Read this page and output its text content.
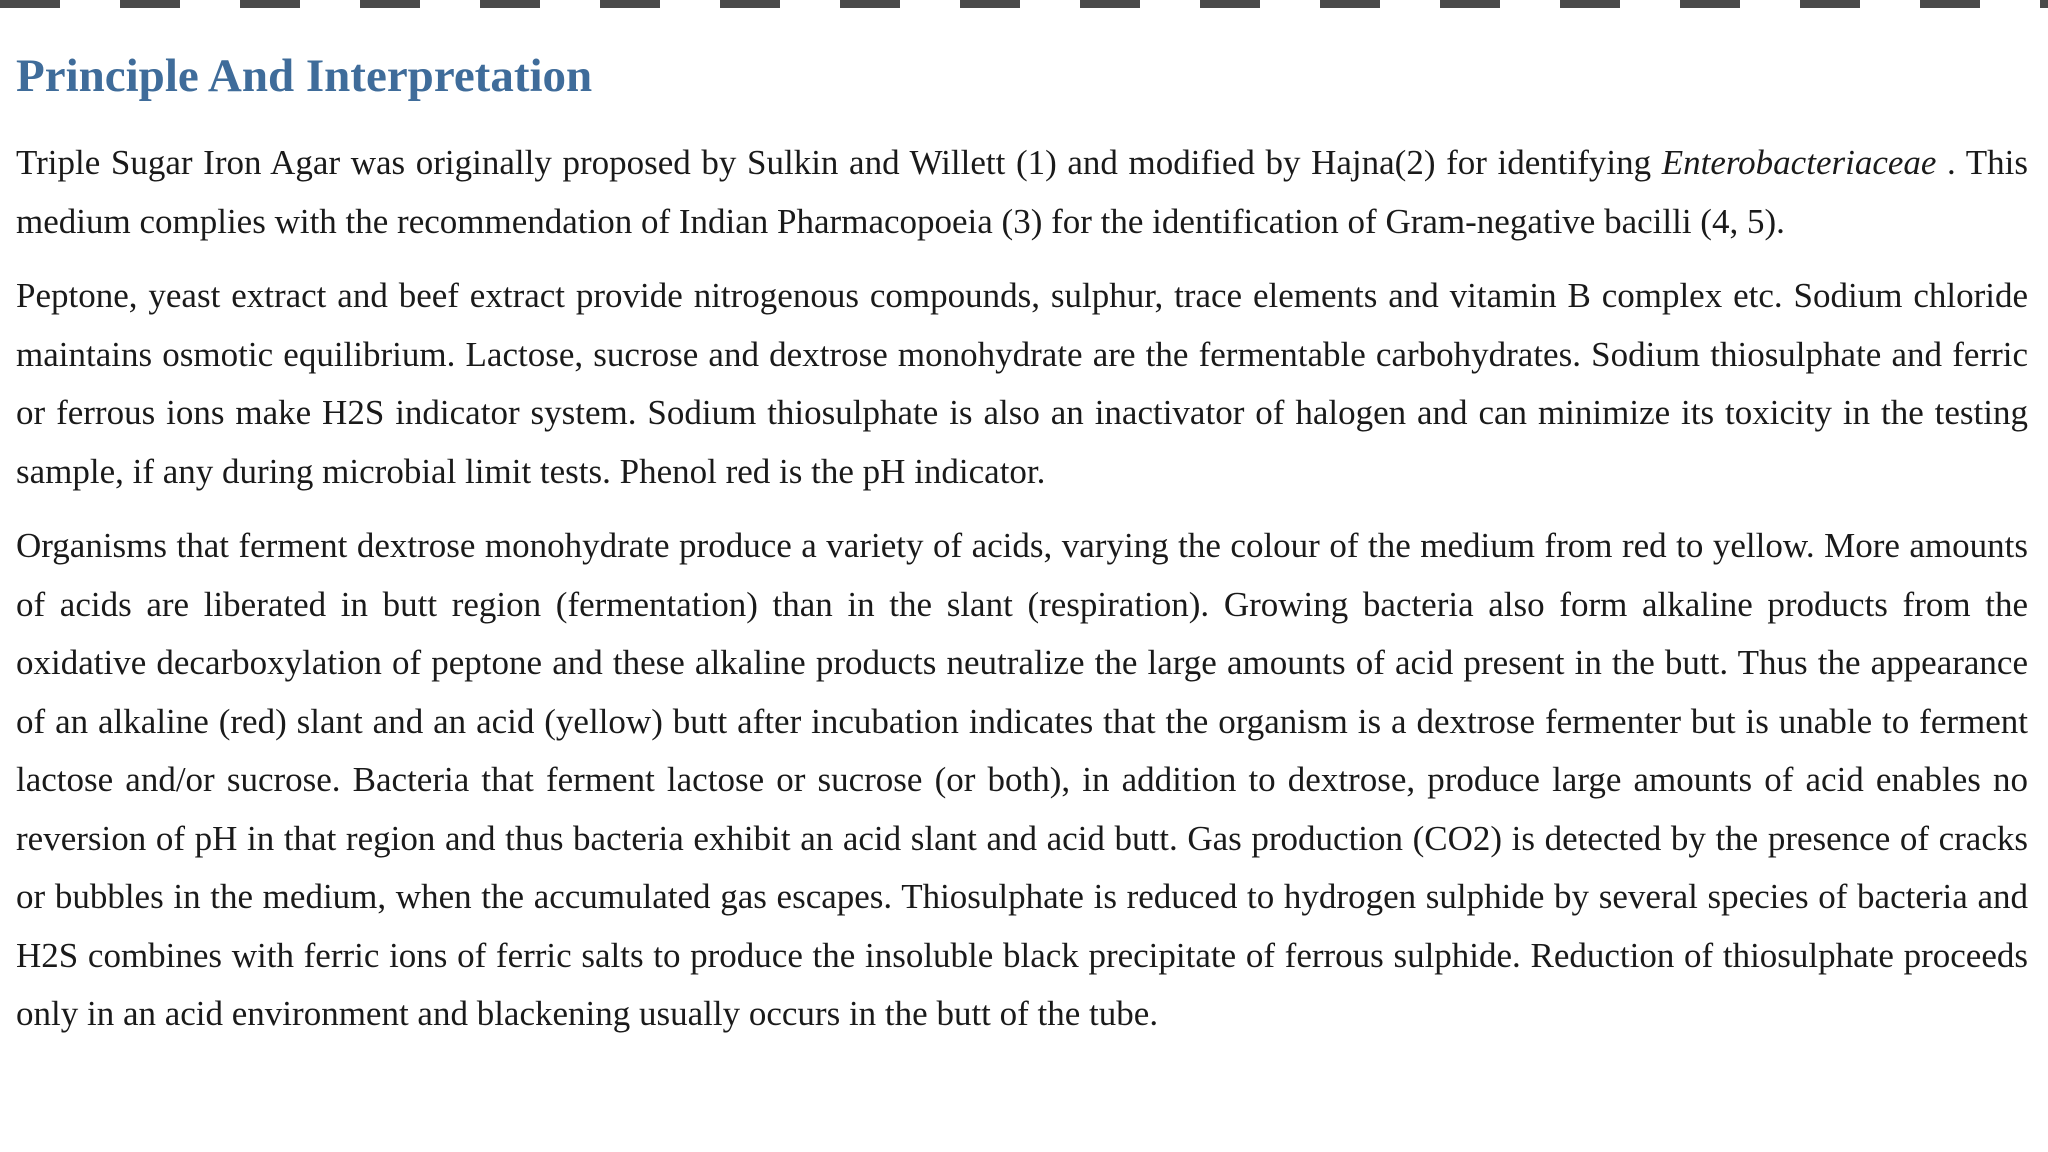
Principle And Interpretation

Triple Sugar Iron Agar was originally proposed by Sulkin and Willett (1) and modified by Hajna(2) for identifying Enterobacteriaceae . This medium complies with the recommendation of Indian Pharmacopoeia (3) for the identification of Gram-negative bacilli (4, 5).

Peptone, yeast extract and beef extract provide nitrogenous compounds, sulphur, trace elements and vitamin B complex etc. Sodium chloride maintains osmotic equilibrium. Lactose, sucrose and dextrose monohydrate are the fermentable carbohydrates. Sodium thiosulphate and ferric or ferrous ions make H2S indicator system. Sodium thiosulphate is also an inactivator of halogen and can minimize its toxicity in the testing sample, if any during microbial limit tests. Phenol red is the pH indicator.

Organisms that ferment dextrose monohydrate produce a variety of acids, varying the colour of the medium from red to yellow. More amounts of acids are liberated in butt region (fermentation) than in the slant (respiration). Growing bacteria also form alkaline products from the oxidative decarboxylation of peptone and these alkaline products neutralize the large amounts of acid present in the butt. Thus the appearance of an alkaline (red) slant and an acid (yellow) butt after incubation indicates that the organism is a dextrose fermenter but is unable to ferment lactose and/or sucrose. Bacteria that ferment lactose or sucrose (or both), in addition to dextrose, produce large amounts of acid enables no reversion of pH in that region and thus bacteria exhibit an acid slant and acid butt. Gas production (CO2) is detected by the presence of cracks or bubbles in the medium, when the accumulated gas escapes. Thiosulphate is reduced to hydrogen sulphide by several species of bacteria and H2S combines with ferric ions of ferric salts to produce the insoluble black precipitate of ferrous sulphide. Reduction of thiosulphate proceeds only in an acid environment and blackening usually occurs in the butt of the tube.
